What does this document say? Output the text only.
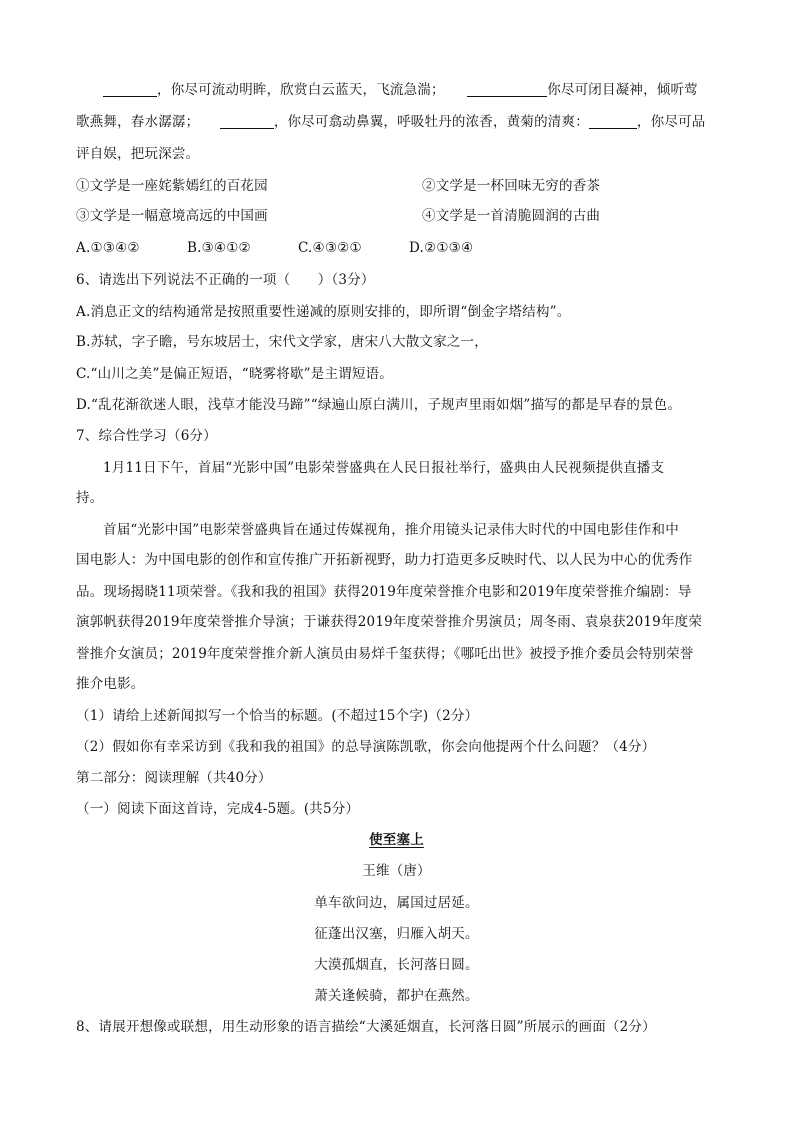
，你尽可流动明眸，欣赏白云蓝天，飞流急湍；	你尽可闭目凝神，倾听莺
歌燕舞，春水潺潺；	，你尽可翕动鼻翼，呼吸牡丹的浓香，黄菊的清爽：	，你尽可品
评自娱，把玩深尝。
①文学是一座姹紫嫣红的百花园	②文学是一杯回味无穷的香茶
③文学是一幅意境高远的中国画	④文学是一首清脆圆润的古曲
A.①③④②	B.③④①②	C.④③②①	D.②①③④
6、请选出下列说法不正确的一项（　　）（3分）
A.消息正文的结构通常是按照重要性递减的原则安排的，即所谓“倒金字塔结构”。
B.苏轼，字子瞻，号东坡居士，宋代文学家，唐宋八大散文家之一，
C.“山川之美”是偏正短语，“晓雾将歇”是主谓短语。
D.“乱花渐欲迷人眼，浅草才能没马蹄”“绿遍山原白满川，子规声里雨如烟”描写的都是早春的景色。
7、综合性学习（6分）
1月11日下午，首届“光影中国”电影荣誉盛典在人民日报社举行，盛典由人民视频提供直播支
持。
首届“光影中国”电影荣誉盛典旨在通过传媒视角，推介用镜头记录伟大时代的中国电影佳作和中
国电影人：为中国电影的创作和宣传推广开拓新视野，助力打造更多反映时代、以人民为中心的优秀作
品。现场揭晓11项荣誉。《我和我的祖国》获得2019年度荣誉推介电影和2019年度荣誉推介编剧：导
演郭帆获得2019年度荣誉推介导演；于谦获得2019年度荣誉推介男演员；周冬雨、袁泉获2019年度荣
誉推介女演员；2019年度荣誉推介新人演员由易烊千玺获得；《哪吒出世》被授予推介委员会特别荣誉
推介电影。
（1）请给上述新闻拟写一个恰当的标题。(不超过15个字)（2分）
（2）假如你有幸采访到《我和我的祖国》的总导演陈凯歌，你会向他提两个什么问题？（4分）
第二部分：阅读理解（共40分）
（一）阅读下面这首诗，完成4-5题。(共5分）
使至塞上
王维（唐）
单车欲问边，属国过居延。
征蓬出汉塞，归雁入胡天。
大漠孤烟直，长河落日圆。
萧关逢候骑，都护在燕然。
8、请展开想像或联想，用生动形象的语言描绘“大溪延烟直，长河落日圆”所展示的画面（2分）
